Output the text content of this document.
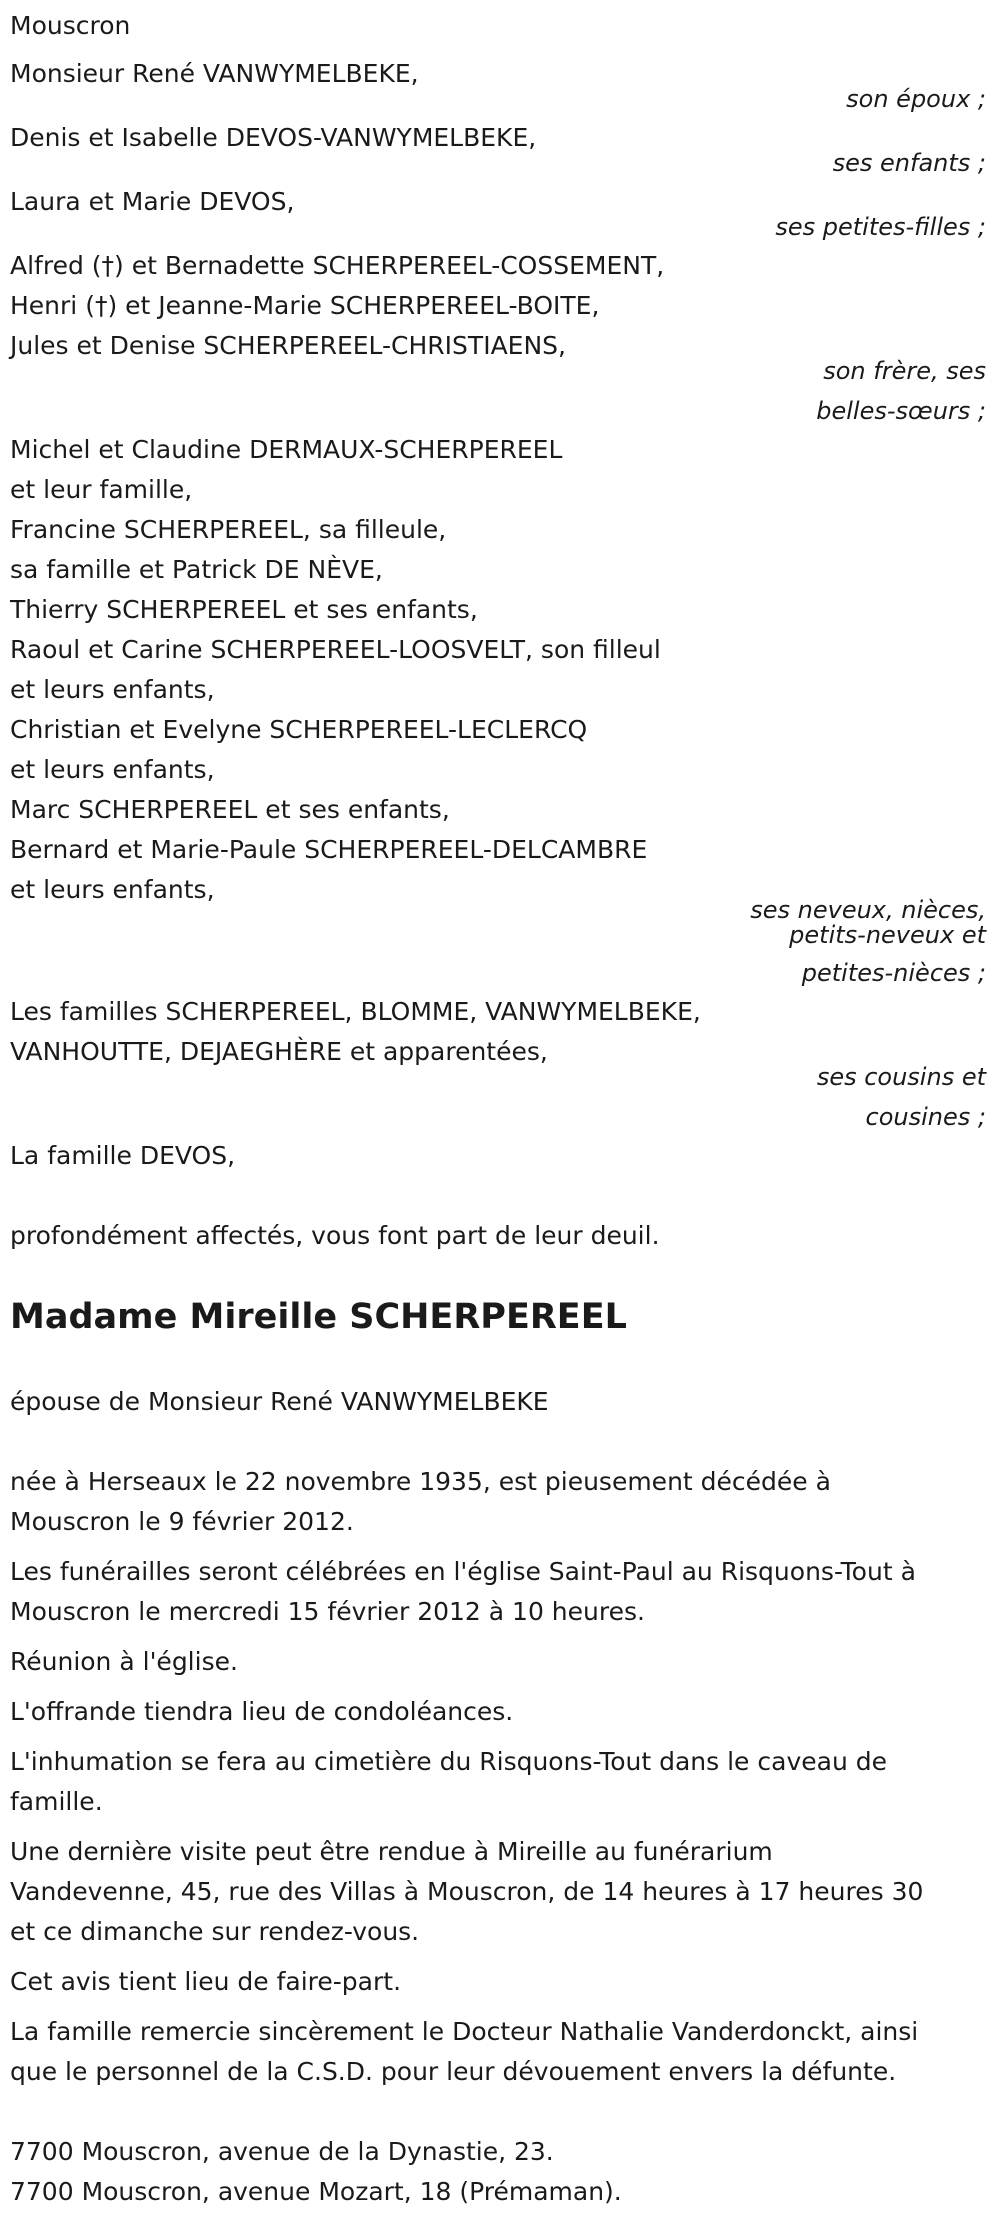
Mouscron

Monsieur René VANWYMELBEKE,

son époux ;

Denis et Isabelle DEVOS-VANWYMELBEKE,

ses enfants ;

Laura et Marie DEVOS,

ses petites-filles ;

Alfred (†) et Bernadette SCHERPEREEL-COSSEMENT,

Henri (†) et Jeanne-Marie SCHERPEREEL-BOITE,

Jules et Denise SCHERPEREEL-CHRISTIAENS,

son frère, ses

belles-sœurs ;

Michel et Claudine DERMAUX-SCHERPEREEL

et leur famille,

Francine SCHERPEREEL, sa filleule,

sa famille et Patrick DE NÈVE,

Thierry SCHERPEREEL et ses enfants,

Raoul et Carine SCHERPEREEL-LOOSVELT, son filleul

et leurs enfants,

Christian et Evelyne SCHERPEREEL-LECLERCQ

et leurs enfants,

Marc SCHERPEREEL et ses enfants,

Bernard et Marie-Paule SCHERPEREEL-DELCAMBRE

et leurs enfants,

ses neveux, nièces,

petits-neveux et

petites-nièces ;

Les familles SCHERPEREEL, BLOMME, VANWYMELBEKE,

VANHOUTTE, DEJAEGHÈRE et apparentées,

ses cousins et

cousines ;

La famille DEVOS,

profondément affectés, vous font part de leur deuil.

Madame Mireille SCHERPEREEL

épouse de Monsieur René VANWYMELBEKE

née à Herseaux le 22 novembre 1935, est pieusement décédée à

Mouscron le 9 février 2012.

Les funérailles seront célébrées en l'église Saint-Paul au Risquons-Tout à

Mouscron le mercredi 15 février 2012 à 10 heures.

Réunion à l'église.

L'offrande tiendra lieu de condoléances.

L'inhumation se fera au cimetière du Risquons-Tout dans le caveau de

famille.

Une dernière visite peut être rendue à Mireille au funérarium

Vandevenne, 45, rue des Villas à Mouscron, de 14 heures à 17 heures 30

et ce dimanche sur rendez-vous.

Cet avis tient lieu de faire-part.

La famille remercie sincèrement le Docteur Nathalie Vanderdonckt, ainsi

que le personnel de la C.S.D. pour leur dévouement envers la défunte.

7700 Mouscron, avenue de la Dynastie, 23.

7700 Mouscron, avenue Mozart, 18 (Prémaman).
